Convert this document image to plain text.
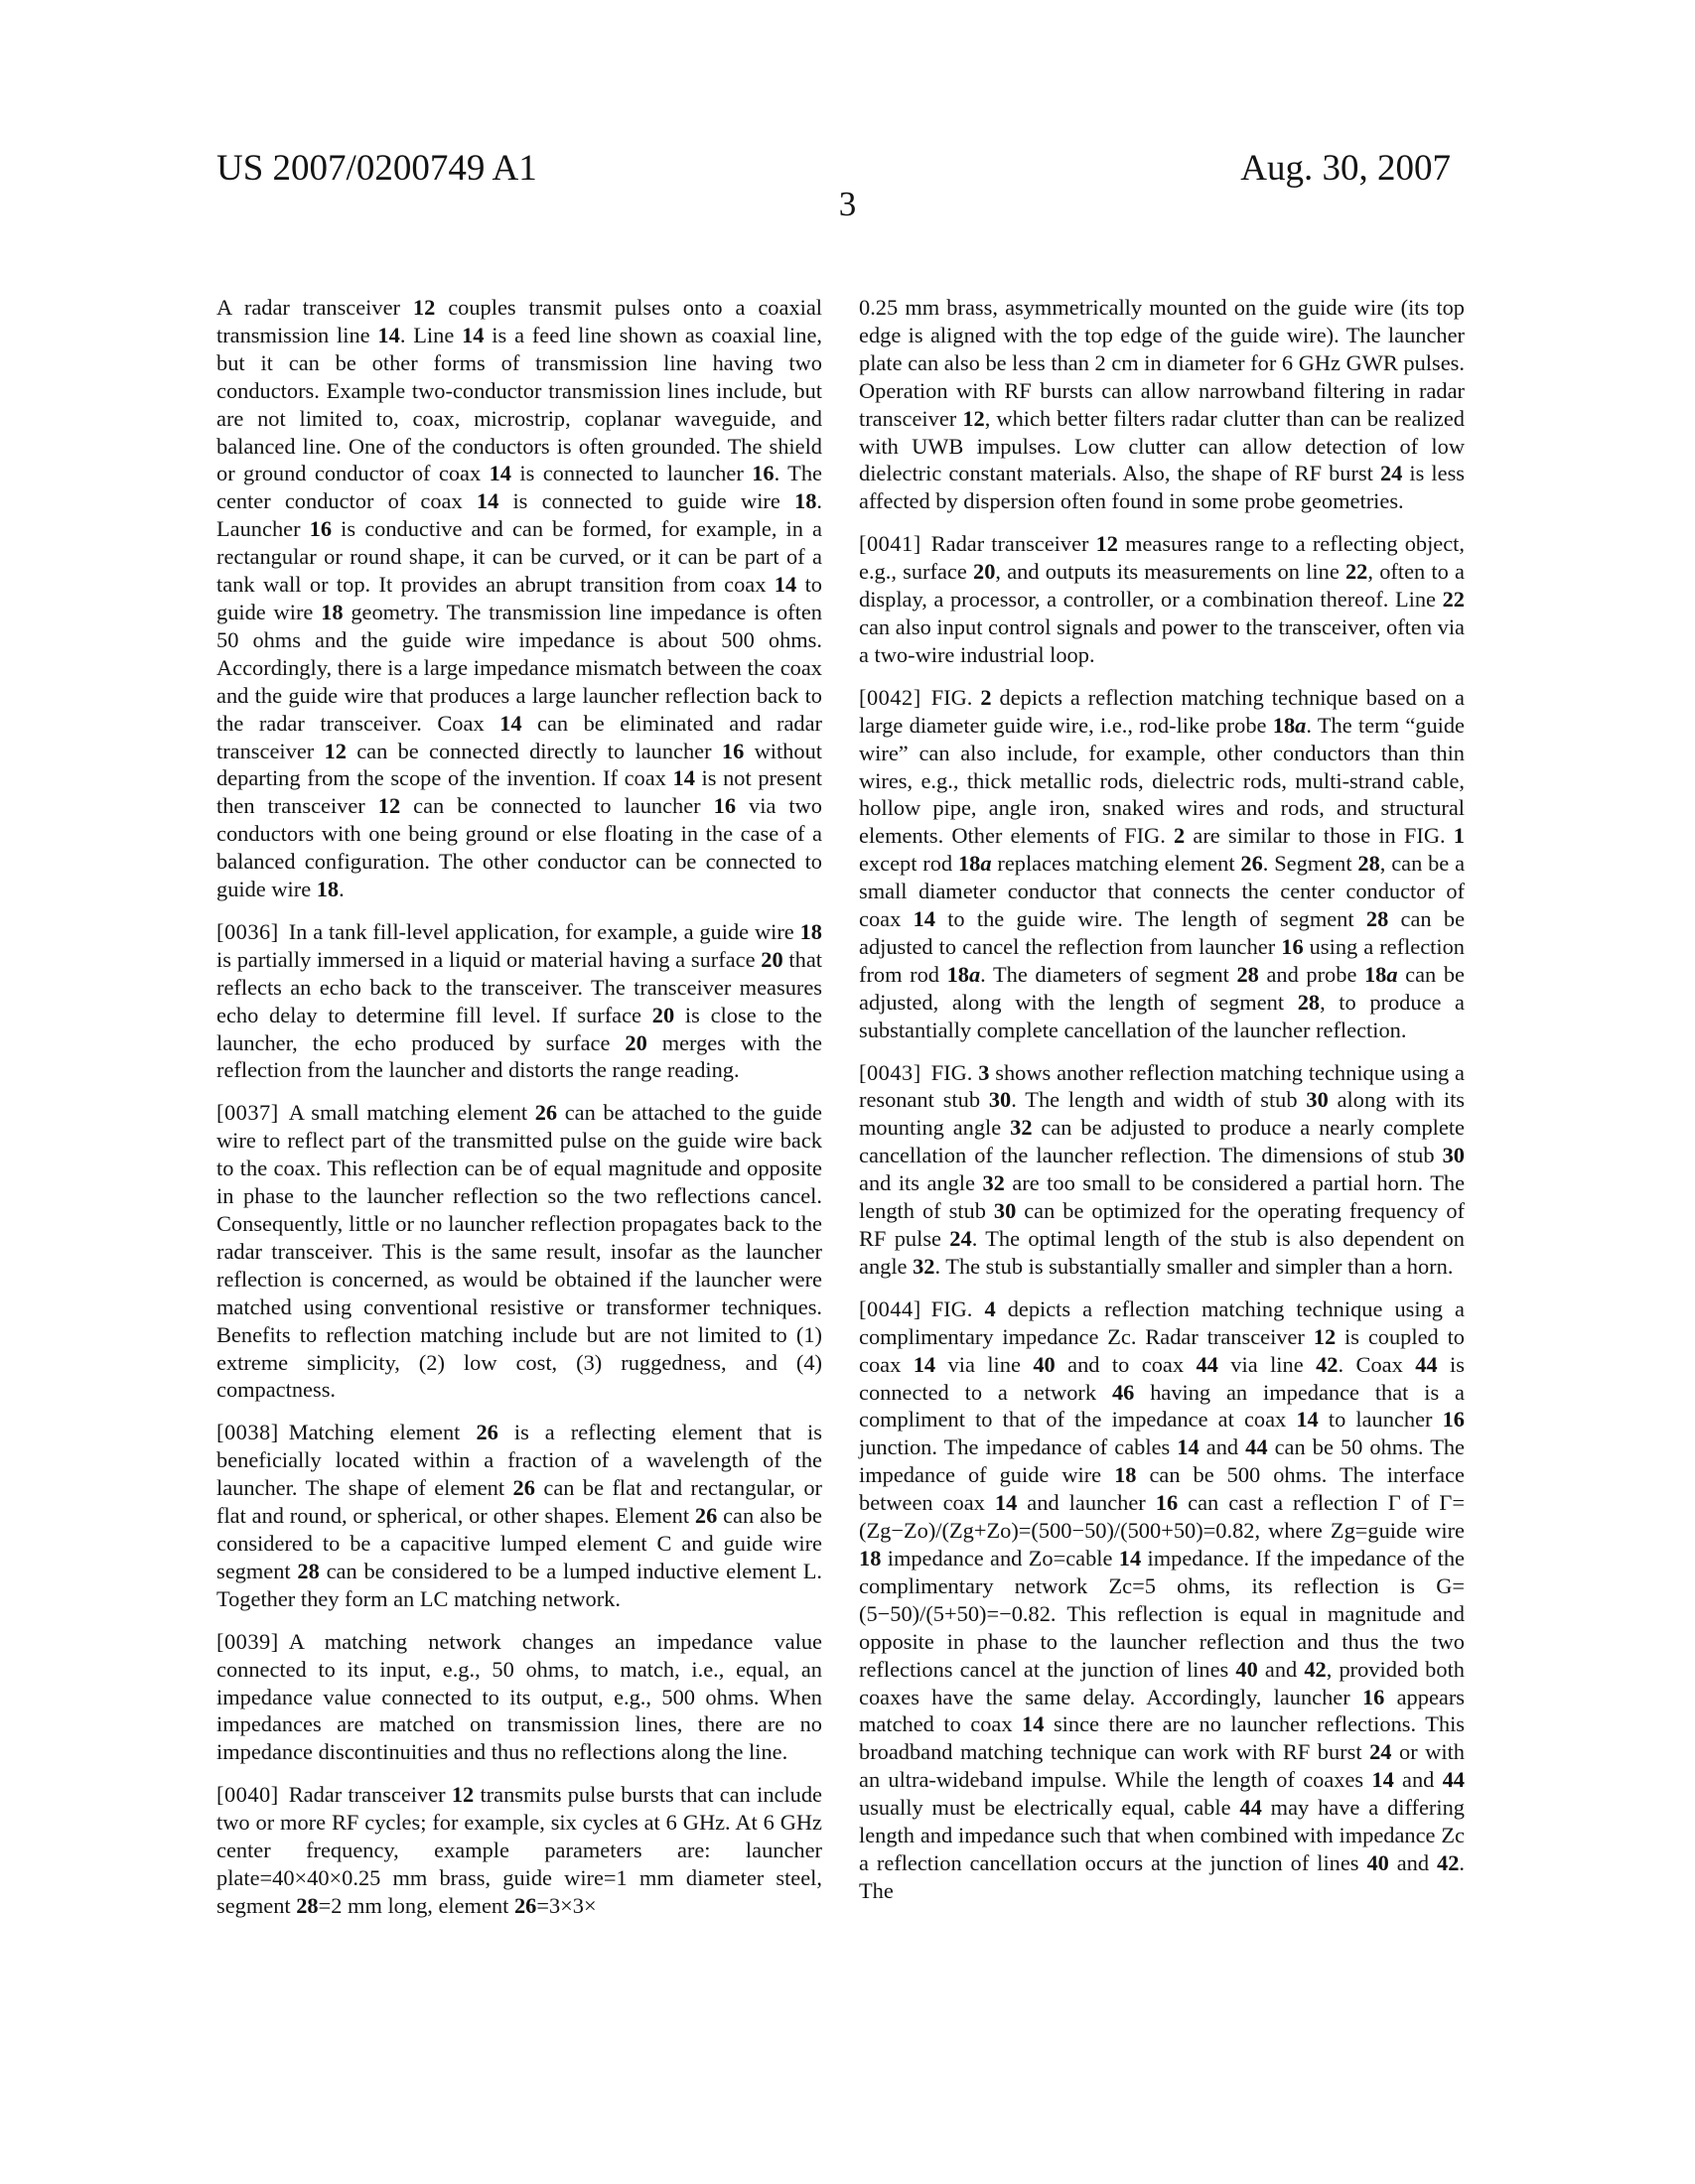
US 2007/0200749 A1	Aug. 30, 2007
3

A radar transceiver 12 couples transmit pulses onto a coaxial transmission line 14. Line 14 is a feed line shown as coaxial line, but it can be other forms of transmission line having two conductors. Example two-conductor transmission lines include, but are not limited to, coax, microstrip, coplanar waveguide, and balanced line. One of the conductors is often grounded. The shield or ground conductor of coax 14 is connected to launcher 16. The center conductor of coax 14 is connected to guide wire 18. Launcher 16 is conductive and can be formed, for example, in a rectangular or round shape, it can be curved, or it can be part of a tank wall or top. It provides an abrupt transition from coax 14 to guide wire 18 geometry. The transmission line impedance is often 50 ohms and the guide wire impedance is about 500 ohms. Accordingly, there is a large impedance mismatch between the coax and the guide wire that produces a large launcher reflection back to the radar transceiver. Coax 14 can be eliminated and radar transceiver 12 can be connected directly to launcher 16 without departing from the scope of the invention. If coax 14 is not present then transceiver 12 can be connected to launcher 16 via two conductors with one being ground or else floating in the case of a balanced configuration. The other conductor can be connected to guide wire 18.

[0036] In a tank fill-level application, for example, a guide wire 18 is partially immersed in a liquid or material having a surface 20 that reflects an echo back to the transceiver. The transceiver measures echo delay to determine fill level. If surface 20 is close to the launcher, the echo produced by surface 20 merges with the reflection from the launcher and distorts the range reading.

[0037] A small matching element 26 can be attached to the guide wire to reflect part of the transmitted pulse on the guide wire back to the coax. This reflection can be of equal magnitude and opposite in phase to the launcher reflection so the two reflections cancel. Consequently, little or no launcher reflection propagates back to the radar transceiver. This is the same result, insofar as the launcher reflection is concerned, as would be obtained if the launcher were matched using conventional resistive or transformer techniques. Benefits to reflection matching include but are not limited to (1) extreme simplicity, (2) low cost, (3) ruggedness, and (4) compactness.

[0038] Matching element 26 is a reflecting element that is beneficially located within a fraction of a wavelength of the launcher. The shape of element 26 can be flat and rectangular, or flat and round, or spherical, or other shapes. Element 26 can also be considered to be a capacitive lumped element C and guide wire segment 28 can be considered to be a lumped inductive element L. Together they form an LC matching network.

[0039] A matching network changes an impedance value connected to its input, e.g., 50 ohms, to match, i.e., equal, an impedance value connected to its output, e.g., 500 ohms. When impedances are matched on transmission lines, there are no impedance discontinuities and thus no reflections along the line.

[0040] Radar transceiver 12 transmits pulse bursts that can include two or more RF cycles; for example, six cycles at 6 GHz. At 6 GHz center frequency, example parameters are: launcher plate=40×40×0.25 mm brass, guide wire=1 mm diameter steel, segment 28=2 mm long, element 26=3×3×

0.25 mm brass, asymmetrically mounted on the guide wire (its top edge is aligned with the top edge of the guide wire). The launcher plate can also be less than 2 cm in diameter for 6 GHz GWR pulses. Operation with RF bursts can allow narrowband filtering in radar transceiver 12, which better filters radar clutter than can be realized with UWB impulses. Low clutter can allow detection of low dielectric constant materials. Also, the shape of RF burst 24 is less affected by dispersion often found in some probe geometries.

[0041] Radar transceiver 12 measures range to a reflecting object, e.g., surface 20, and outputs its measurements on line 22, often to a display, a processor, a controller, or a combination thereof. Line 22 can also input control signals and power to the transceiver, often via a two-wire industrial loop.

[0042] FIG. 2 depicts a reflection matching technique based on a large diameter guide wire, i.e., rod-like probe 18a. The term “guide wire” can also include, for example, other conductors than thin wires, e.g., thick metallic rods, dielectric rods, multi-strand cable, hollow pipe, angle iron, snaked wires and rods, and structural elements. Other elements of FIG. 2 are similar to those in FIG. 1 except rod 18a replaces matching element 26. Segment 28, can be a small diameter conductor that connects the center conductor of coax 14 to the guide wire. The length of segment 28 can be adjusted to cancel the reflection from launcher 16 using a reflection from rod 18a. The diameters of segment 28 and probe 18a can be adjusted, along with the length of segment 28, to produce a substantially complete cancellation of the launcher reflection.

[0043] FIG. 3 shows another reflection matching technique using a resonant stub 30. The length and width of stub 30 along with its mounting angle 32 can be adjusted to produce a nearly complete cancellation of the launcher reflection. The dimensions of stub 30 and its angle 32 are too small to be considered a partial horn. The length of stub 30 can be optimized for the operating frequency of RF pulse 24. The optimal length of the stub is also dependent on angle 32. The stub is substantially smaller and simpler than a horn.

[0044] FIG. 4 depicts a reflection matching technique using a complimentary impedance Zc. Radar transceiver 12 is coupled to coax 14 via line 40 and to coax 44 via line 42. Coax 44 is connected to a network 46 having an impedance that is a compliment to that of the impedance at coax 14 to launcher 16 junction. The impedance of cables 14 and 44 can be 50 ohms. The impedance of guide wire 18 can be 500 ohms. The interface between coax 14 and launcher 16 can cast a reflection Γ of Γ=(Zg−Zo)/(Zg+Zo)=(500−50)/(500+50)=0.82, where Zg=guide wire 18 impedance and Zo=cable 14 impedance. If the impedance of the complimentary network Zc=5 ohms, its reflection is G=(5−50)/(5+50)=−0.82. This reflection is equal in magnitude and opposite in phase to the launcher reflection and thus the two reflections cancel at the junction of lines 40 and 42, provided both coaxes have the same delay. Accordingly, launcher 16 appears matched to coax 14 since there are no launcher reflections. This broadband matching technique can work with RF burst 24 or with an ultra-wideband impulse. While the length of coaxes 14 and 44 usually must be electrically equal, cable 44 may have a differing length and impedance such that when combined with impedance Zc a reflection cancellation occurs at the junction of lines 40 and 42. The
